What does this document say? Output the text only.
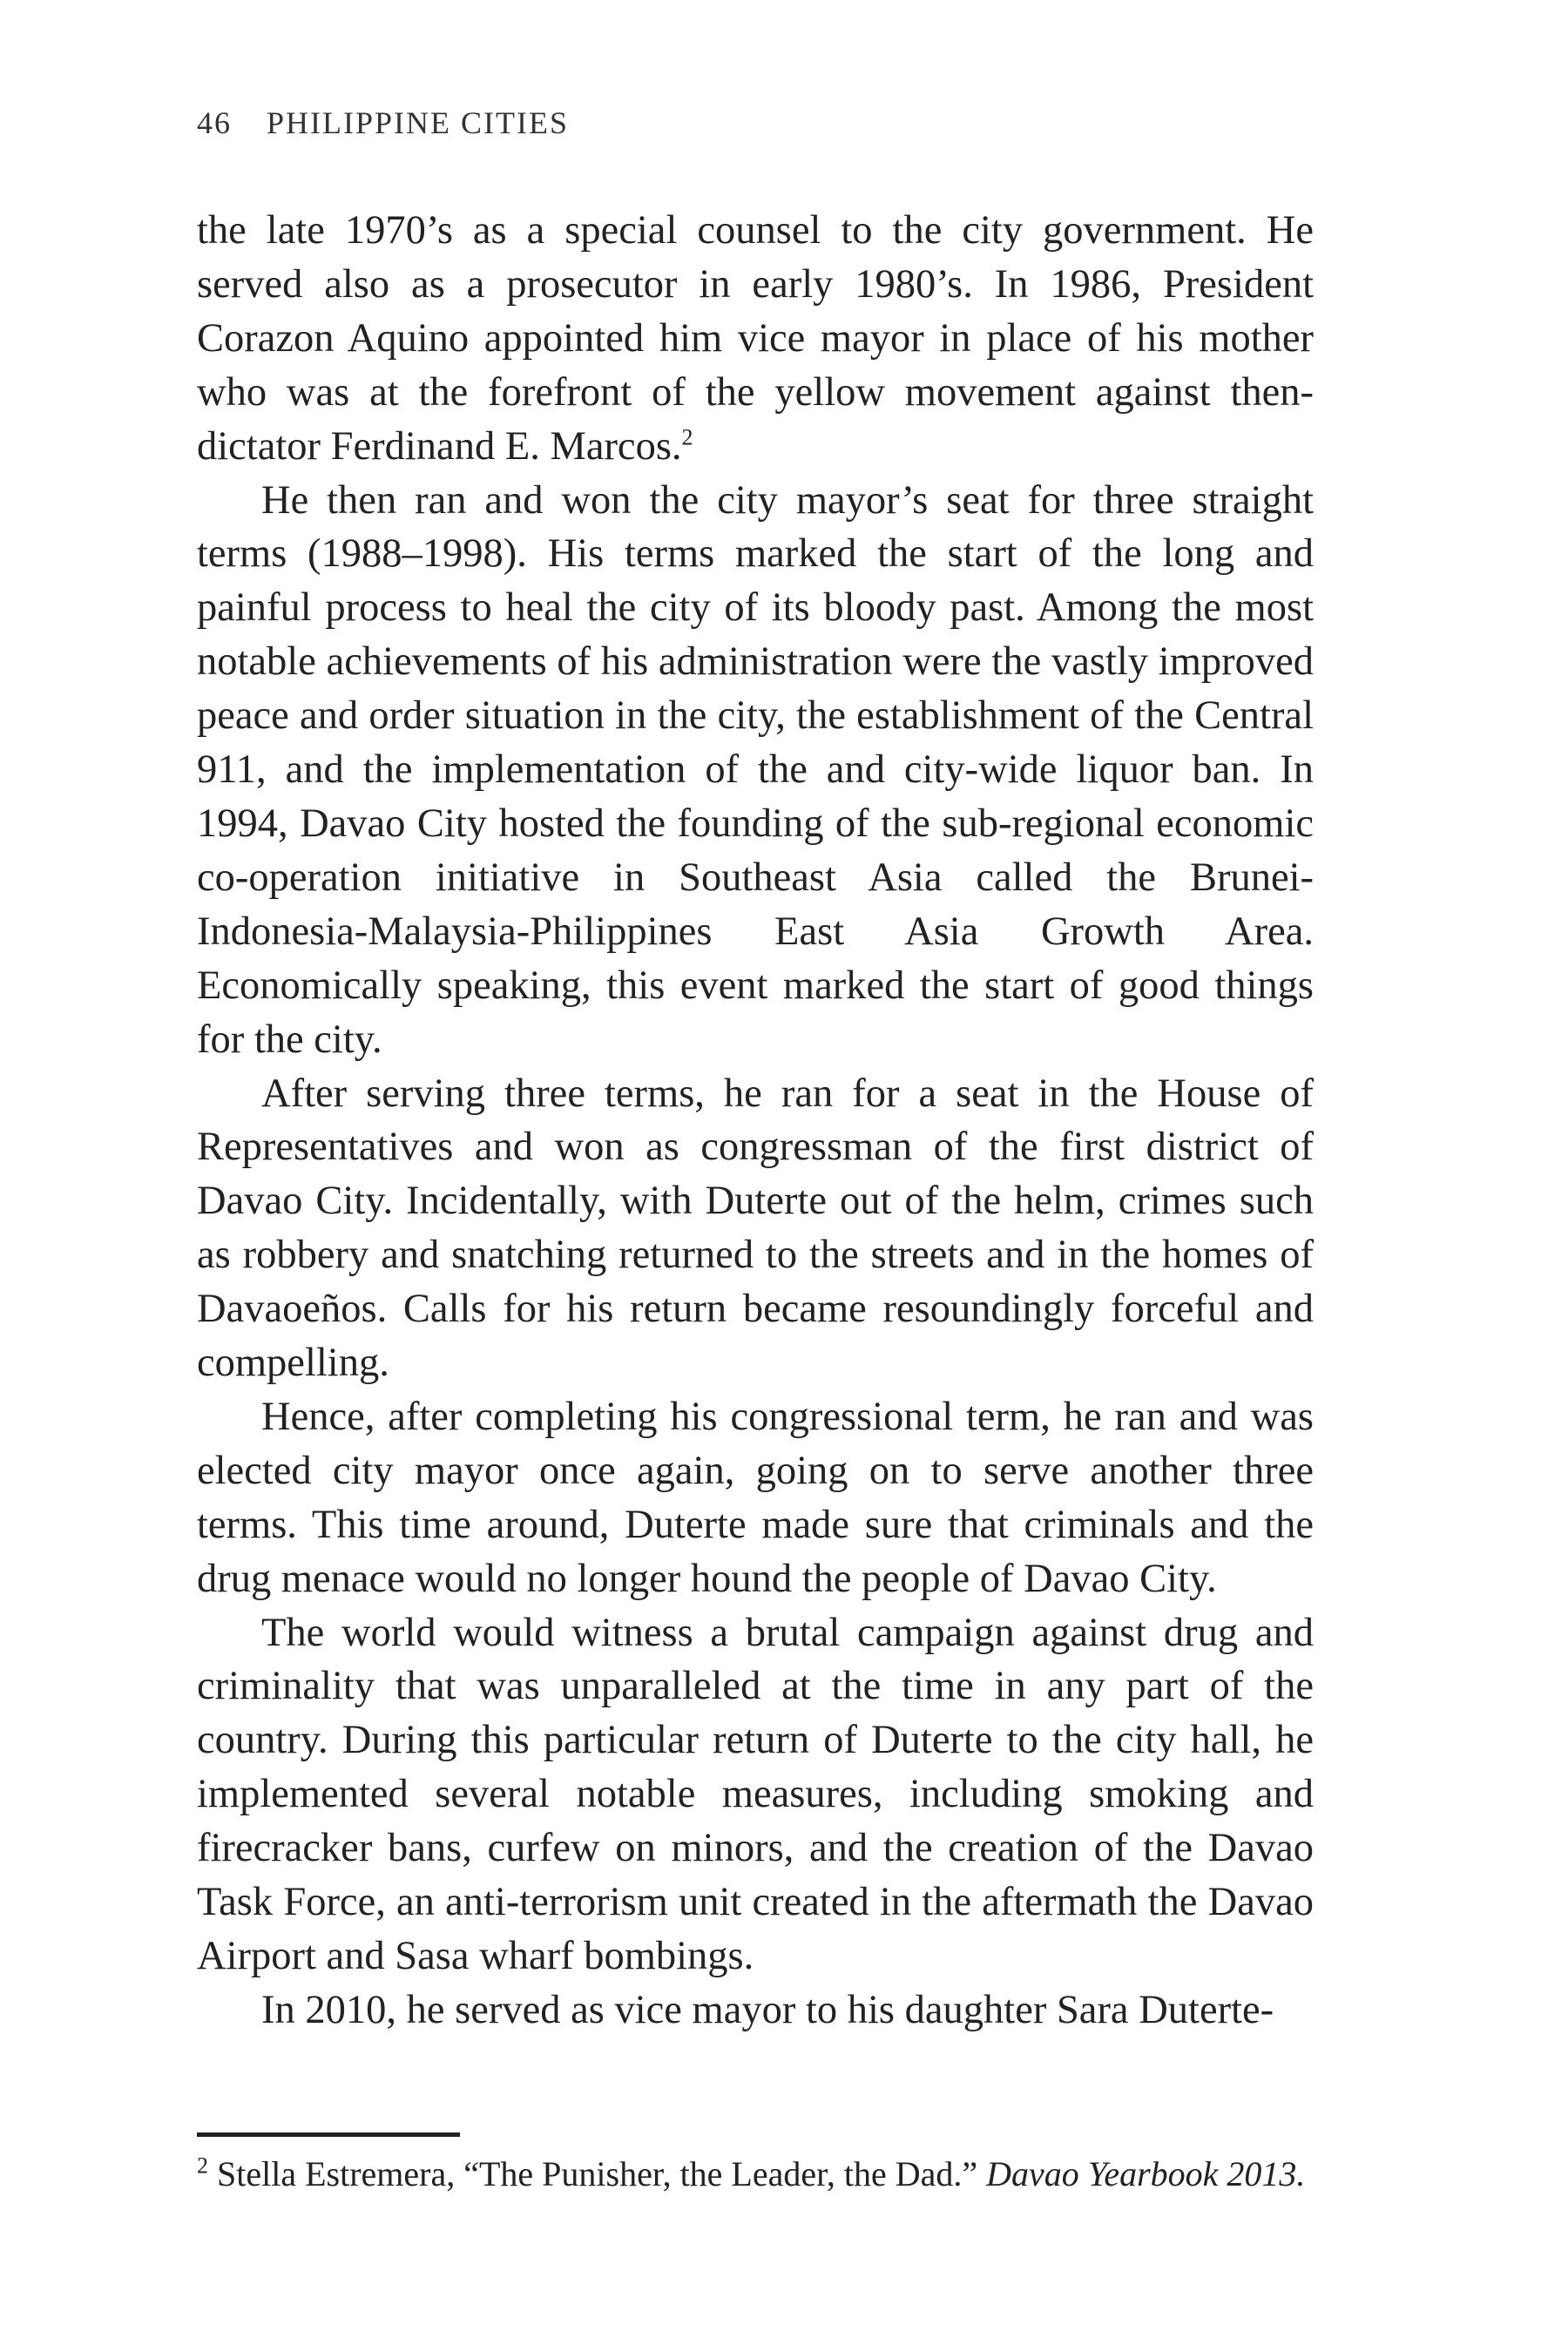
46 PHILIPPINE CITIES

the late 1970’s as a special counsel to the city government. He served also as a prosecutor in early 1980’s. In 1986, President Corazon Aquino appointed him vice mayor in place of his mother who was at the forefront of the yellow movement against then-dictator Ferdinand E. Marcos.$^2$

He then ran and won the city mayor’s seat for three straight terms (1988–1998). His terms marked the start of the long and painful process to heal the city of its bloody past. Among the most notable achievements of his administration were the vastly improved peace and order situation in the city, the establishment of the Central 911, and the implementation of the and city-wide liquor ban. In 1994, Davao City hosted the founding of the sub-regional economic co-operation initiative in Southeast Asia called the Brunei-Indonesia-Malaysia-Philippines East Asia Growth Area. Economically speaking, this event marked the start of good things for the city.

After serving three terms, he ran for a seat in the House of Representatives and won as congressman of the first district of Davao City. Incidentally, with Duterte out of the helm, crimes such as robbery and snatching returned to the streets and in the homes of Davaoeños. Calls for his return became resoundingly forceful and compelling.

Hence, after completing his congressional term, he ran and was elected city mayor once again, going on to serve another three terms. This time around, Duterte made sure that criminals and the drug menace would no longer hound the people of Davao City.

The world would witness a brutal campaign against drug and criminality that was unparalleled at the time in any part of the country. During this particular return of Duterte to the city hall, he implemented several notable measures, including smoking and firecracker bans, curfew on minors, and the creation of the Davao Task Force, an anti-terrorism unit created in the aftermath the Davao Airport and Sasa wharf bombings.

In 2010, he served as vice mayor to his daughter Sara Duterte-

$^2$ Stella Estremera, “The Punisher, the Leader, the Dad.” Davao Yearbook 2013.
